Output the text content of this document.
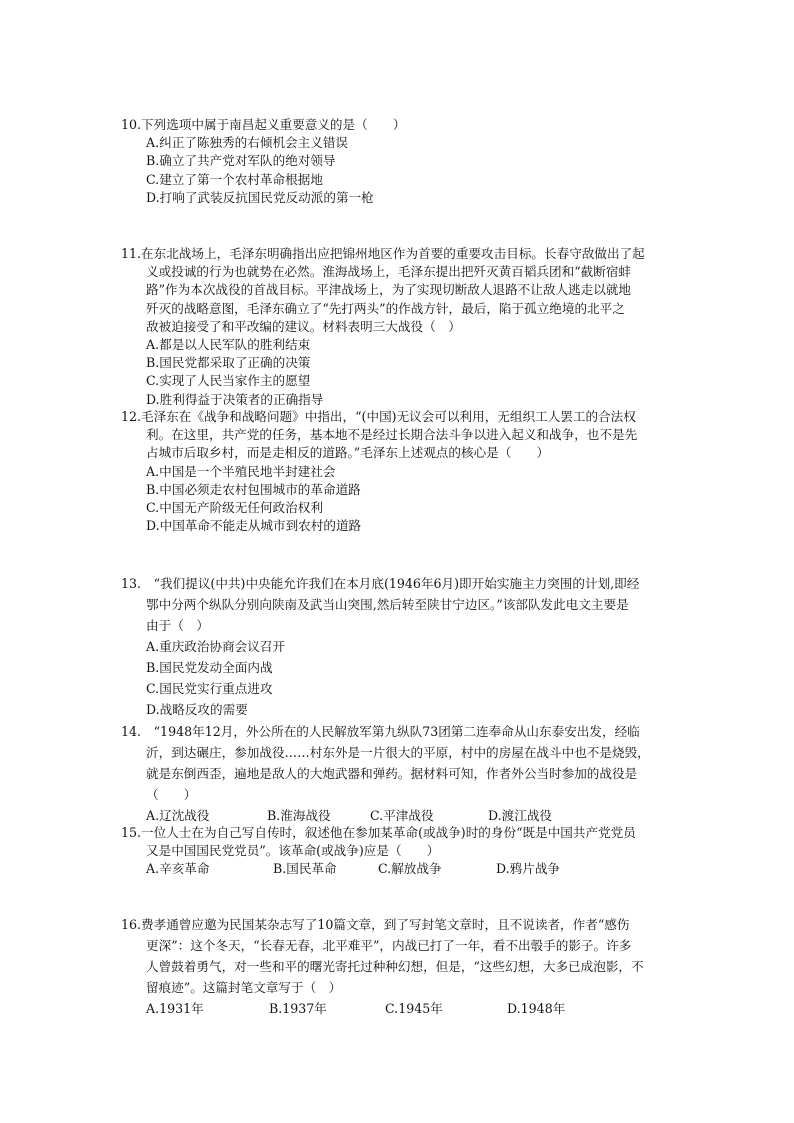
10.下列选项中属于南昌起义重要意义的是（　　）
A.纠正了陈独秀的右倾机会主义错误
B.确立了共产党对军队的绝对领导
C.建立了第一个农村革命根据地
D.打响了武装反抗国民党反动派的第一枪
11.在东北战场上，毛泽东明确指出应把锦州地区作为首要的重要攻击目标。长春守敌做出了起
义或投诚的行为也就势在必然。淮海战场上，毛泽东提出把歼灭黄百韬兵团和“截断宿蚌
路”作为本次战役的首战目标。平津战场上，为了实现切断敌人退路不让敌人逃走以就地
歼灭的战略意图，毛泽东确立了“先打两头”的作战方针，最后，陷于孤立绝境的北平之
敌被迫接受了和平改编的建议。材料表明三大战役（　）
A.都是以人民军队的胜利结束
B.国民党都采取了正确的决策
C.实现了人民当家作主的愿望
D.胜利得益于决策者的正确指导
12.毛泽东在《战争和战略问题》中指出，“(中国)无议会可以利用，无组织工人罢工的合法权
利。在这里，共产党的任务，基本地不是经过长期合法斗争以进入起义和战争，也不是先
占城市后取乡村，而是走相反的道路。”毛泽东上述观点的核心是（　　）
A.中国是一个半殖民地半封建社会
B.中国必须走农村包围城市的革命道路
C.中国无产阶级无任何政治权利
D.中国革命不能走从城市到农村的道路
13.　“我们提议(中共)中央能允许我们在本月底(1946年6月)即开始实施主力突围的计划,即经
鄂中分两个纵队分别向陕南及武当山突围,然后转至陕甘宁边区。”该部队发此电文主要是
由于（　）
A.重庆政治协商会议召开
B.国民党发动全面内战
C.国民党实行重点进攻
D.战略反攻的需要
14.　“1948年12月，外公所在的人民解放军第九纵队73团第二连奉命从山东泰安出发，经临
沂，到达碾庄，参加战役……村东外是一片很大的平原，村中的房屋在战斗中也不是烧毁，
就是东倒西歪，遍地是敌人的大炮武器和弹药。据材料可知，作者外公当时参加的战役是
（　　）
A.辽沈战役	B.淮海战役	C.平津战役	D.渡江战役
15.一位人士在为自己写自传时，叙述他在参加某革命(或战争)时的身份“既是中国共产党党员
又是中国国民党党员”。该革命(或战争)应是（　　）
A.辛亥革命	B.国民革命	C.解放战争	D.鸦片战争
16.费孝通曾应邀为民国某杂志写了10篇文章，到了写封笔文章时，且不说读者，作者“感伤
更深”：这个冬天，“长春无春，北平难平”，内战已打了一年，看不出彀手的影子。许多
人曾鼓着勇气，对一些和平的曙光寄托过种种幻想，但是，“这些幻想，大多已成泡影，不
留痕迹”。这篇封笔文章写于（　）
A.1931年	B.1937年	C.1945年	D.1948年
